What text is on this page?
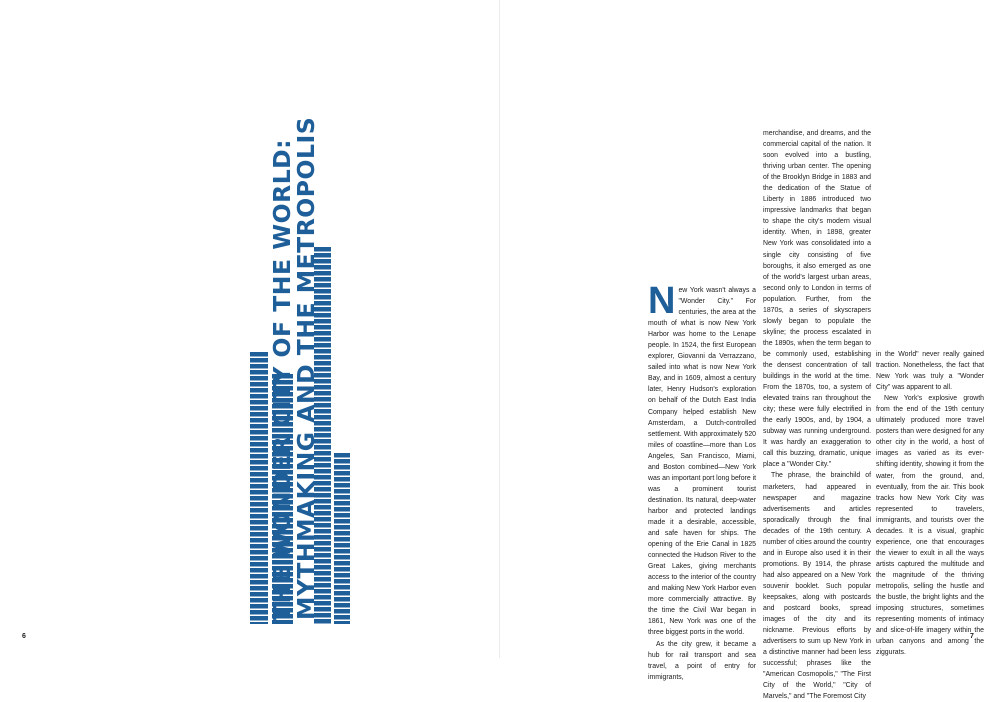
THE WONDER CITY OF THE WORLD:
MYTHMAKING AND THE METROPOLIS
6

New York wasn't always a "Wonder City." For centuries, the area at the mouth of what is now New York Harbor was home to the Lenape people. In 1524, the first European explorer, Giovanni da Verrazzano, sailed into what is now New York Bay, and in 1609, almost a century later, Henry Hudson's exploration on behalf of the Dutch East India Company helped establish New Amsterdam, a Dutch-controlled settlement. With approximately 520 miles of coastline—more than Los Angeles, San Francisco, Miami, and Boston combined—New York was an important port long before it was a prominent tourist destination. Its natural, deep-water harbor and protected landings made it a desirable, accessible, and safe haven for ships. The opening of the Erie Canal in 1825 connected the Hudson River to the Great Lakes, giving merchants access to the interior of the country and making New York Harbor even more commercially attractive. By the time the Civil War began in 1861, New York was one of the three biggest ports in the world.

As the city grew, it became a hub for rail transport and sea travel, a point of entry for immigrants,

merchandise, and dreams, and the commercial capital of the nation. It soon evolved into a bustling, thriving urban center. The opening of the Brooklyn Bridge in 1883 and the dedication of the Statue of Liberty in 1886 introduced two impressive landmarks that began to shape the city's modern visual identity. When, in 1898, greater New York was consolidated into a single city consisting of five boroughs, it also emerged as one of the world's largest urban areas, second only to London in terms of population. Further, from the 1870s, a series of skyscrapers slowly began to populate the skyline; the process escalated in the 1890s, when the term began to be commonly used, establishing the densest concentration of tall buildings in the world at the time. From the 1870s, too, a system of elevated trains ran throughout the city; these were fully electrified in the early 1900s, and, by 1904, a subway was running underground. It was hardly an exaggeration to call this buzzing, dramatic, unique place a "Wonder City."

The phrase, the brainchild of marketers, had appeared in newspaper and magazine advertisements and articles sporadically through the final decades of the 19th century. A number of cities around the country and in Europe also used it in their promotions. By 1914, the phrase had also appeared on a New York souvenir booklet. Such popular keepsakes, along with postcards and postcard books, spread images of the city and its nickname. Previous efforts by advertisers to sum up New York in a distinctive manner had been less successful; phrases like the "American Cosmopolis," "The First City of the World," "City of Marvels," and "The Foremost City

in the World" never really gained traction. Nonetheless, the fact that New York was truly a "Wonder City" was apparent to all.

New York's explosive growth from the end of the 19th century ultimately produced more travel posters than were designed for any other city in the world, a host of images as varied as its ever-shifting identity, showing it from the water, from the ground, and, eventually, from the air. This book tracks how New York City was represented to travelers, immigrants, and tourists over the decades. It is a visual, graphic experience, one that encourages the viewer to exult in all the ways artists captured the multitude and the magnitude of the thriving metropolis, selling the hustle and the bustle, the bright lights and the imposing structures, sometimes representing moments of intimacy and slice-of-life imagery within the urban canyons and among the ziggurats.

7
